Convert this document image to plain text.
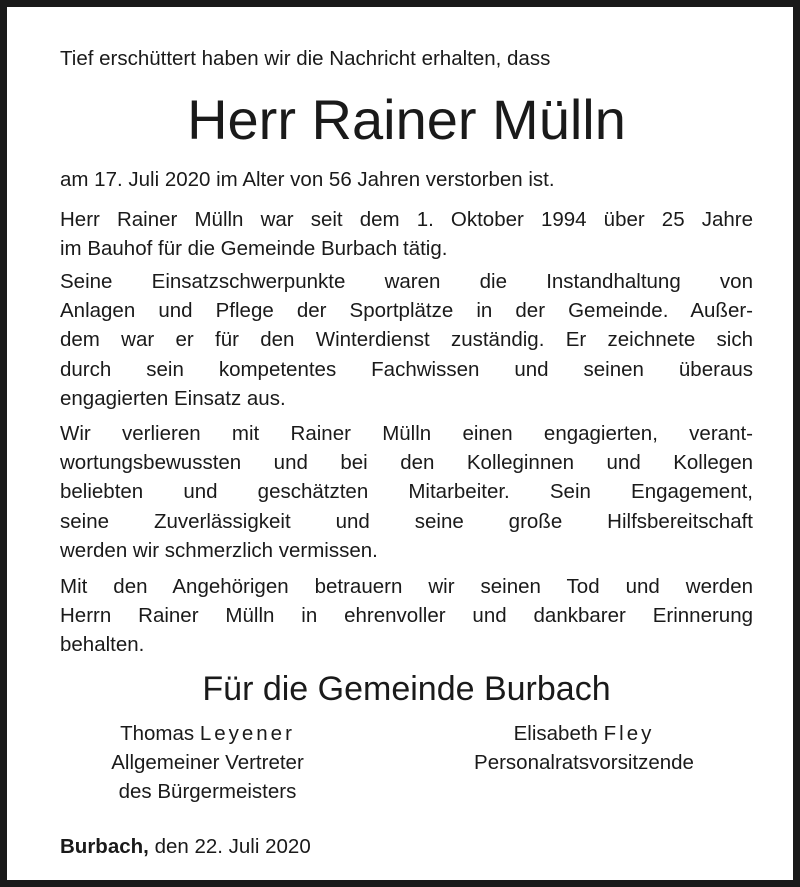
Tief erschüttert haben wir die Nachricht erhalten, dass
Herr Rainer Mülln
am 17. Juli 2020 im Alter von 56 Jahren verstorben ist.
Herr Rainer Mülln war seit dem 1. Oktober 1994 über 25 Jahre
im Bauhof für die Gemeinde Burbach tätig.
Seine Einsatzschwerpunkte waren die Instandhaltung von
Anlagen und Pflege der Sportplätze in der Gemeinde. Außer-
dem war er für den Winterdienst zuständig. Er zeichnete sich
durch sein kompetentes Fachwissen und seinen überaus
engagierten Einsatz aus.
Wir verlieren mit Rainer Mülln einen engagierten, verant-
wortungsbewussten und bei den Kolleginnen und Kollegen
beliebten und geschätzten Mitarbeiter. Sein Engagement,
seine Zuverlässigkeit und seine große Hilfsbereitschaft
werden wir schmerzlich vermissen.
Mit den Angehörigen betrauern wir seinen Tod und werden
Herrn Rainer Mülln in ehrenvoller und dankbarer Erinnerung
behalten.
Für die Gemeinde Burbach
Thomas Leyener
Allgemeiner Vertreter
des Bürgermeisters
Elisabeth Fley
Personalratsvorsitzende
Burbach, den 22. Juli 2020
